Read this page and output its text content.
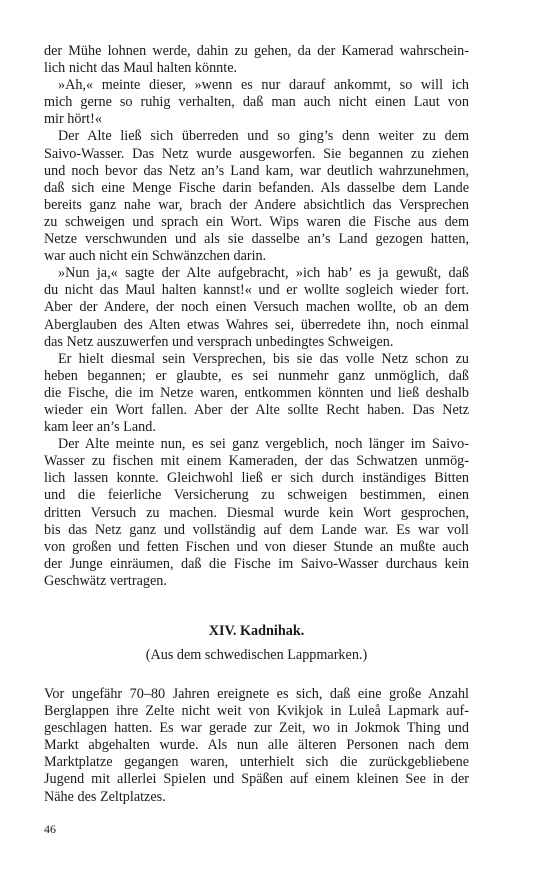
der Mühe lohnen werde, dahin zu gehen, da der Kamerad wahrschein-
lich nicht das Maul halten könnte.
»Ah,« meinte dieser, »wenn es nur darauf ankommt, so will ich
mich gerne so ruhig verhalten, daß man auch nicht einen Laut von
mir hört!«
Der Alte ließ sich überreden und so ging’s denn weiter zu dem
Saivo-Wasser. Das Netz wurde ausgeworfen. Sie begannen zu ziehen
und noch bevor das Netz an’s Land kam, war deutlich wahrzunehmen,
daß sich eine Menge Fische darin befanden. Als dasselbe dem Lande
bereits ganz nahe war, brach der Andere absichtlich das Versprechen
zu schweigen und sprach ein Wort. Wips waren die Fische aus dem
Netze verschwunden und als sie dasselbe an’s Land gezogen hatten,
war auch nicht ein Schwänzchen darin.
»Nun ja,« sagte der Alte aufgebracht, »ich hab’ es ja gewußt, daß
du nicht das Maul halten kannst!« und er wollte sogleich wieder fort.
Aber der Andere, der noch einen Versuch machen wollte, ob an dem
Aberglauben des Alten etwas Wahres sei, überredete ihn, noch einmal
das Netz auszuwerfen und versprach unbedingtes Schweigen.
Er hielt diesmal sein Versprechen, bis sie das volle Netz schon zu
heben begannen; er glaubte, es sei nunmehr ganz unmöglich, daß
die Fische, die im Netze waren, entkommen könnten und ließ deshalb
wieder ein Wort fallen. Aber der Alte sollte Recht haben. Das Netz
kam leer an’s Land.
Der Alte meinte nun, es sei ganz vergeblich, noch länger im Saivo-
Wasser zu fischen mit einem Kameraden, der das Schwatzen unmög-
lich lassen konnte. Gleichwohl ließ er sich durch inständiges Bitten
und die feierliche Versicherung zu schweigen bestimmen, einen
dritten Versuch zu machen. Diesmal wurde kein Wort gesprochen,
bis das Netz ganz und vollständig auf dem Lande war. Es war voll
von großen und fetten Fischen und von dieser Stunde an mußte auch
der Junge einräumen, daß die Fische im Saivo-Wasser durchaus kein
Geschwätz vertragen.
XIV. Kadnihak.
(Aus dem schwedischen Lappmarken.)
Vor ungefähr 70–80 Jahren ereignete es sich, daß eine große Anzahl
Berglappen ihre Zelte nicht weit von Kvikjok in Luleå Lapmark auf-
geschlagen hatten. Es war gerade zur Zeit, wo in Jokmok Thing und
Markt abgehalten wurde. Als nun alle älteren Personen nach dem
Marktplatze gegangen waren, unterhielt sich die zurückgebliebene
Jugend mit allerlei Spielen und Späßen auf einem kleinen See in der
Nähe des Zeltplatzes.
46
